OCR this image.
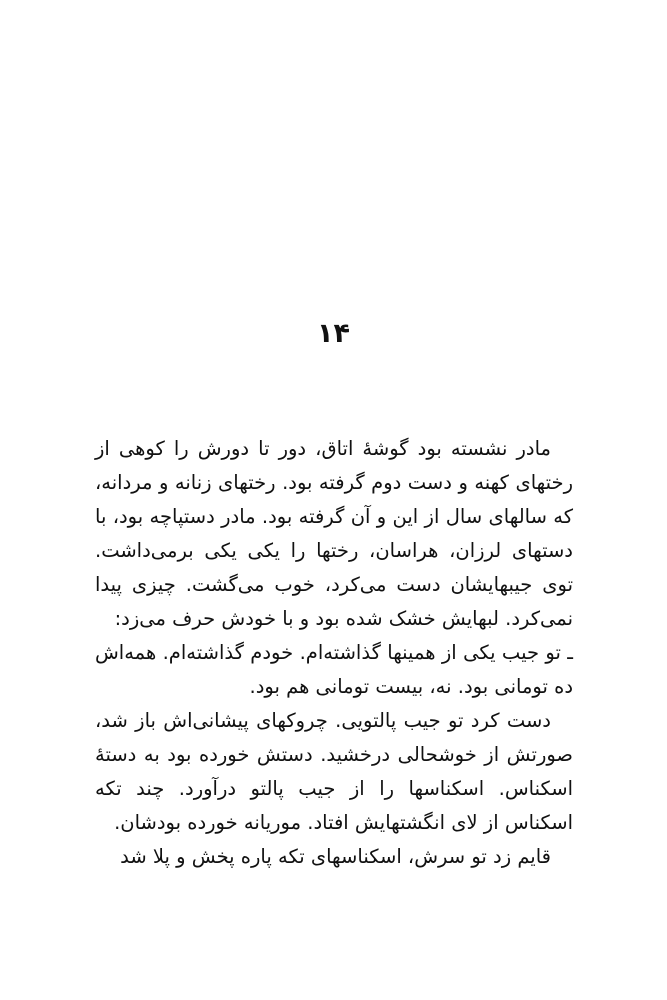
۱۴

مادر نشسته بود گوشهٔ اتاق، دور تا دورش را کوهی از رختهای کهنه و دست دوم گرفته بود. رختهای زنانه و مردانه، که سالهای سال از این و آن گرفته بود. مادر دستپاچه بود، با دستهای لرزان، هراسان، رختها را یکی یکی برمی‌داشت. توی جیبهایشان دست می‌کرد، خوب می‌گشت. چیزی پیدا نمی‌کرد. لبهایش خشک شده بود و با خودش حرف می‌زد:

ـ تو جیب یکی از همینها گذاشته‌ام. خودم گذاشته‌ام. همه‌اش ده تومانی بود. نه، بیست تومانی هم بود.

دست کرد تو جیب پالتویی. چروکهای پیشانی‌اش باز شد، صورتش از خوشحالی درخشید. دستش خورده بود به دستهٔ اسکناس. اسکناسها را از جیب پالتو درآورد. چند تکه اسکناس از لای انگشتهایش افتاد. موریانه خورده بودشان.

قایم زد تو سرش، اسکناسهای تکه پاره پخش و پلا شد
